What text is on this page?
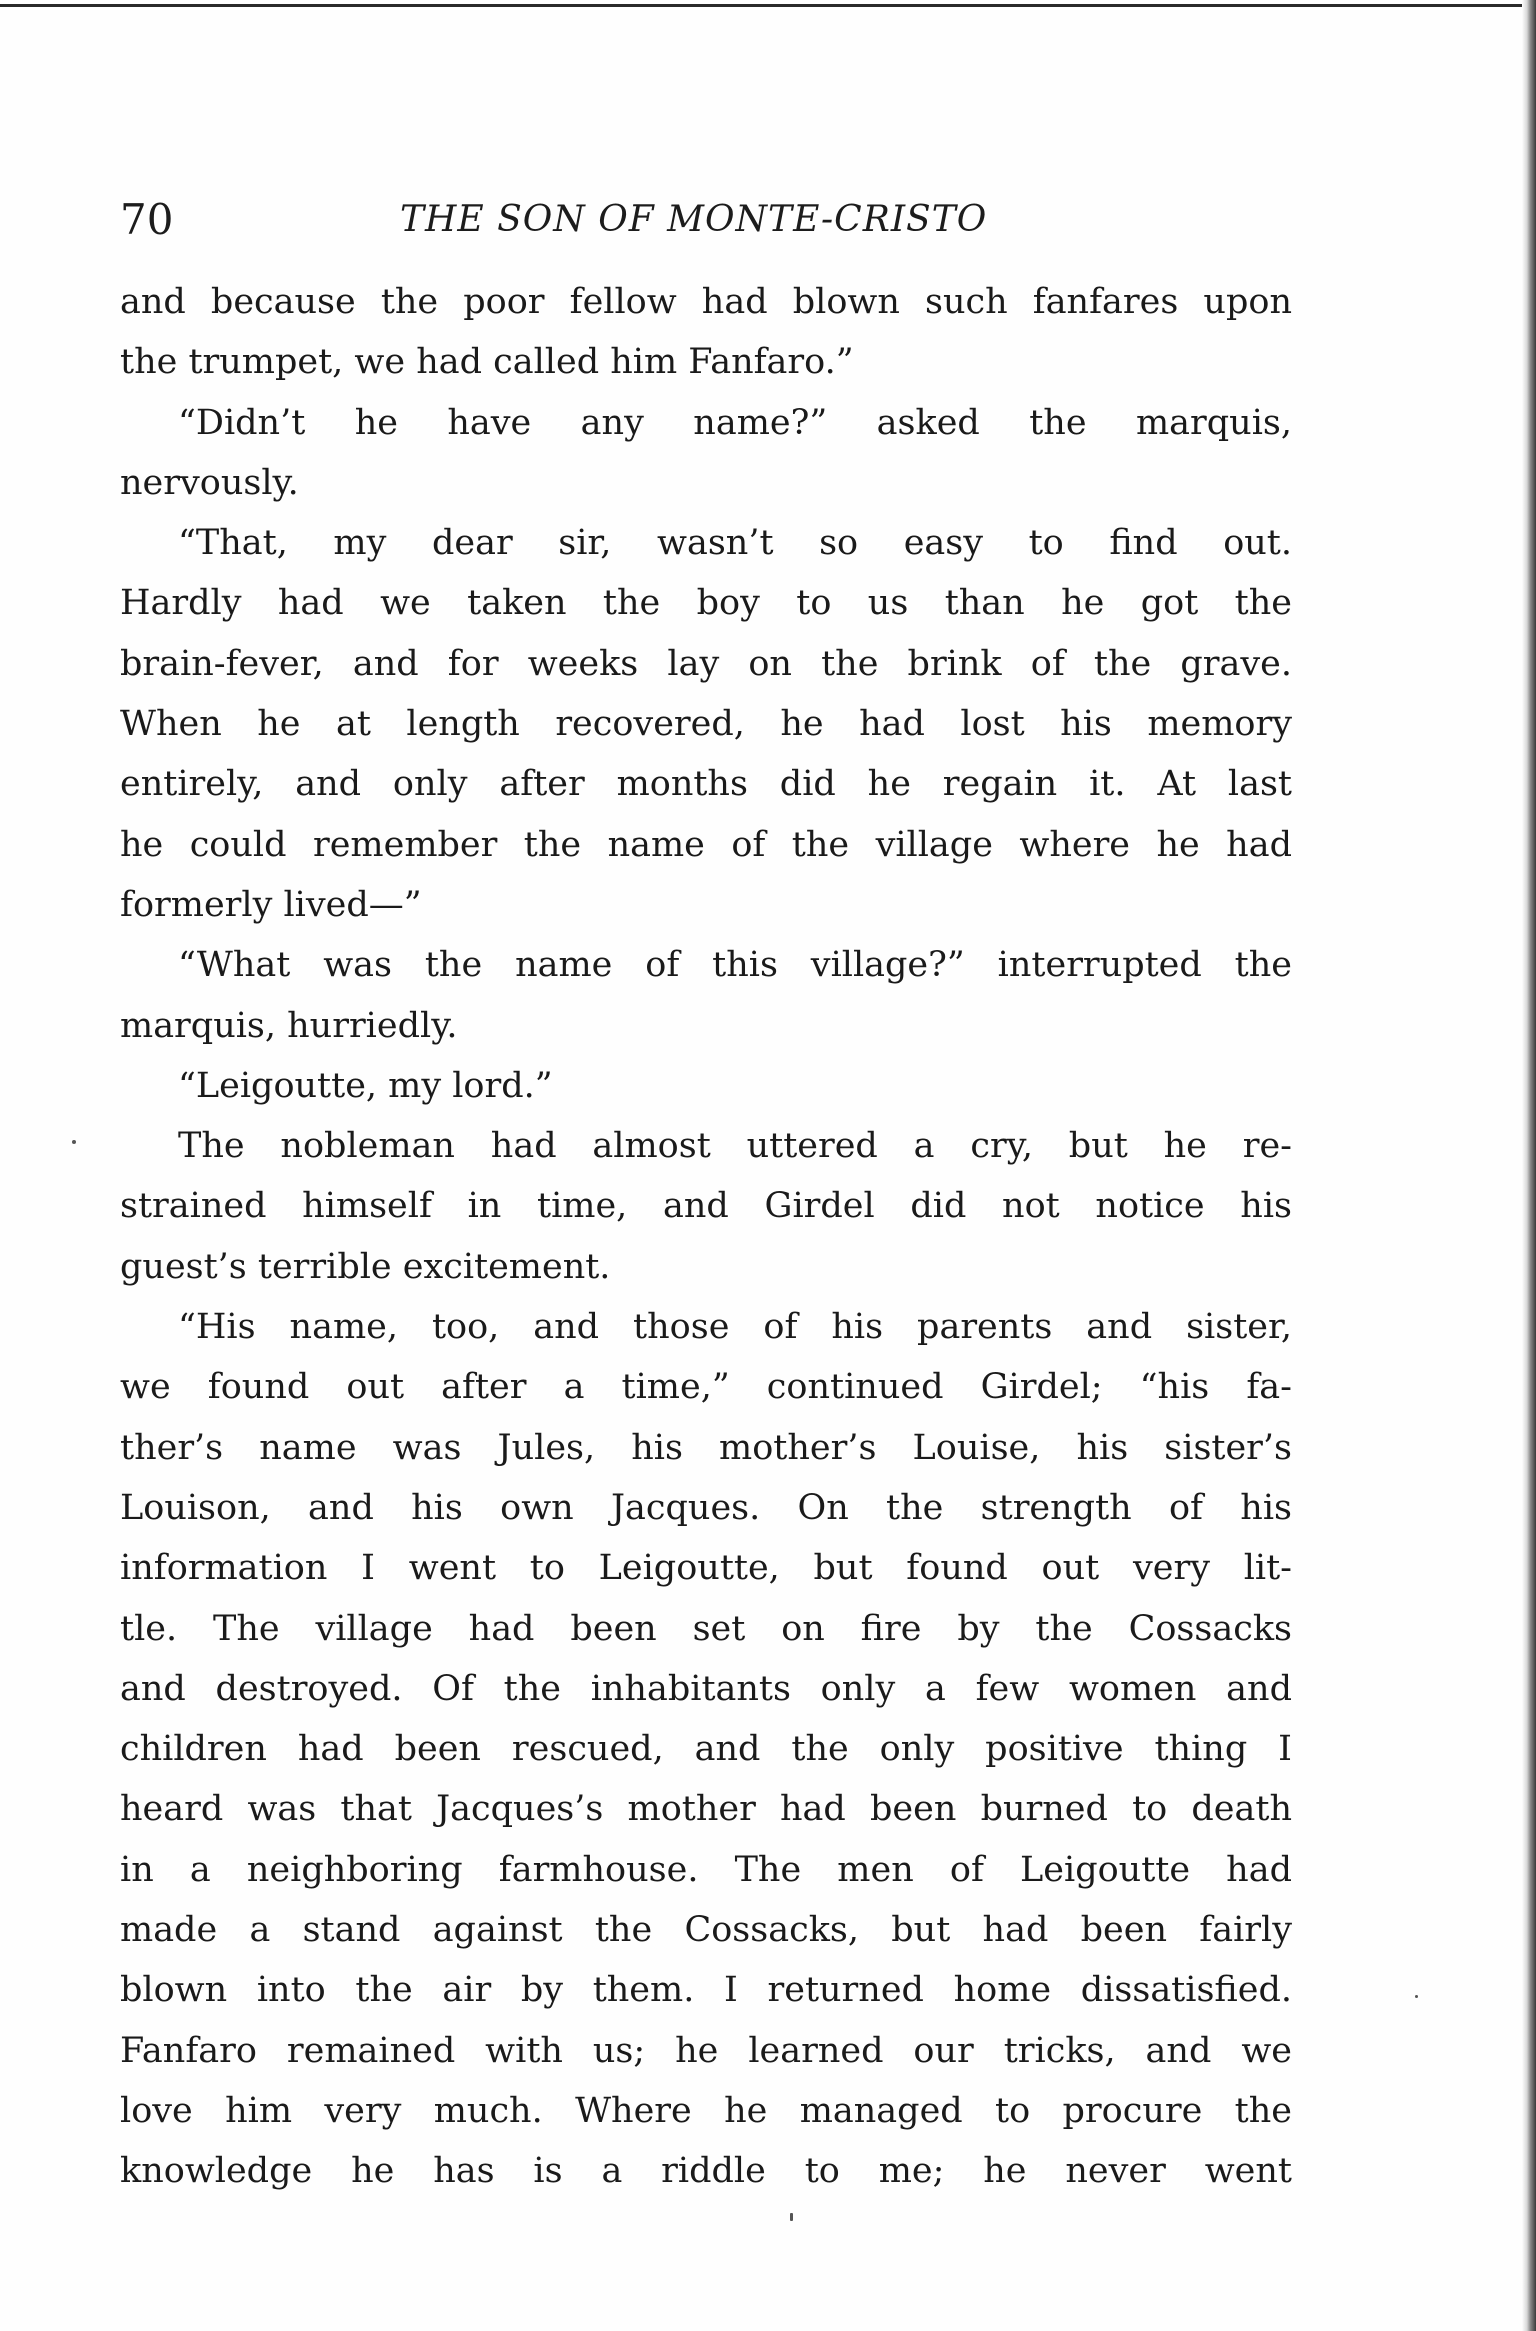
70	THE SON OF MONTE-CRISTO
and because the poor fellow had blown such fanfares upon
the trumpet, we had called him Fanfaro.”
“Didn’t he have any name?” asked the marquis,
nervously.
“That, my dear sir, wasn’t so easy to find out.
Hardly had we taken the boy to us than he got the
brain-fever, and for weeks lay on the brink of the grave.
When he at length recovered, he had lost his memory
entirely, and only after months did he regain it. At last
he could remember the name of the village where he had
formerly lived—”
“What was the name of this village?” interrupted the
marquis, hurriedly.
“Leigoutte, my lord.”
The nobleman had almost uttered a cry, but he re-
strained himself in time, and Girdel did not notice his
guest’s terrible excitement.
“His name, too, and those of his parents and sister,
we found out after a time,” continued Girdel; “his fa-
ther’s name was Jules, his mother’s Louise, his sister’s
Louison, and his own Jacques. On the strength of his
information I went to Leigoutte, but found out very lit-
tle. The village had been set on fire by the Cossacks
and destroyed. Of the inhabitants only a few women and
children had been rescued, and the only positive thing I
heard was that Jacques’s mother had been burned to death
in a neighboring farmhouse. The men of Leigoutte had
made a stand against the Cossacks, but had been fairly
blown into the air by them. I returned home dissatisfied.
Fanfaro remained with us; he learned our tricks, and we
love him very much. Where he managed to procure the
knowledge he has is a riddle to me; he never went
